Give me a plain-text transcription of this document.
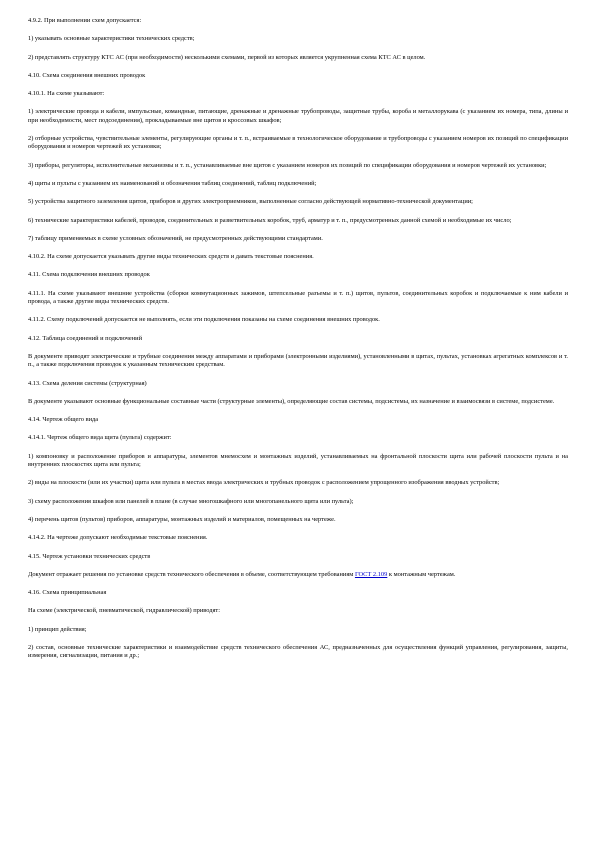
4.9.2. При выполнении схем допускается:

1) указывать основные характеристики технических средств;

2) представлять структуру КТС АС (при необходимости) несколькими схемами, первой из которых является укрупненная схема КТС АС в целом.

4.10. Схема соединения внешних проводок

4.10.1. На схеме указывают:

1) электрические провода и кабели, импульсные, командные, питающие, дренажные и дренажные трубопроводы, защитные трубы, короба и металлорукава (с указанием их номера, типа, длины и при необходимости, мест подсоединения), прокладываемые вне щитов и кроссовых шкафов;

2) отборные устройства, чувствительные элементы, регулирующие органы и т. п., встраиваемые в технологическое оборудование и трубопроводы с указанием номеров их позиций по спецификации оборудования и номеров чертежей их установки;

3) приборы, регуляторы, исполнительные механизмы и т. п., устанавливаемые вне щитов с указанием номеров их позиций по спецификации оборудования и номеров чертежей их установки;

4) щиты и пульты с указанием их наименований и обозначения таблиц соединений, таблиц подключений;

5) устройства защитного заземления щитов, приборов и других электроприемников, выполненные согласно действующей нормативно-технической документации;

6) технические характеристики кабелей, проводов, соединительных и разветвительных коробок, труб, арматур и т. п., предусмотренных данной схемой и необходимые их число;

7) таблицу применяемых в схеме условных обозначений, не предусмотренных действующими стандартами.

4.10.2. На схеме допускается указывать другие виды технических средств и давать текстовые пояснения.

4.11. Схема подключения внешних проводок

4.11.1. На схеме указывают внешние устройства (сборки коммутационных зажимов, штепсельные разъемы и т. п.) щитов, пультов, соединительных коробок и подключаемые к ним кабели и провода, а также другие виды технических средств.

4.11.2. Схему подключений допускается не выполнять, если эти подключения показаны на схеме соединения внешних проводок.

4.12. Таблица соединений и подключений

В документе приводят электрические и трубные соединения между аппаратами и приборами (электронными изделиями), установленными в щитах, пультах, установках агрегатных комплексов и т. п., а также подключения проводок к указанным техническим средствам.

4.13. Схема деления системы (структурная)

В документе указывают основные функциональные составные части (структурные элементы), определяющие состав системы, подсистемы, их назначение и взаимосвязи в системе, подсистеме.

4.14. Чертеж общего вида

4.14.1. Чертеж общего вида щита (пульта) содержит:

1) компоновку и расположение приборов и аппаратуры, элементов мнемосхем и монтажных изделий, устанавливаемых на фронтальной плоскости щита или рабочей плоскости пульта и на внутренних плоскостях щита или пульта;

2) виды на плоскости (или их участки) щита или пульта в местах ввода электрических и трубных проводок с расположением упрощенного изображения вводных устройств;

3) схему расположения шкафов или панелей в плане (в случае многошкафного или многопанельного щита или пульта);

4) перечень щитов (пультов) приборов, аппаратуры, монтажных изделий и материалов, помещенных на чертеже.

4.14.2. На чертеже допускают необходимые текстовые пояснения.

4.15. Чертеж установки технических средств

Документ отражает решения по установке средств технического обеспечения в объеме, соответствующем требованиям ГОСТ 2.109 к монтажным чертежам.

4.16. Схема принципиальная

На схеме (электрической, пневматической, гидравлической) приводят:

1) принцип действия;

2) состав, основные технические характеристики и взаимодействие средств технического обеспечения АС, предназначенных для осуществления функций управления, регулирования, защиты, измерения, сигнализации, питания и др.;
